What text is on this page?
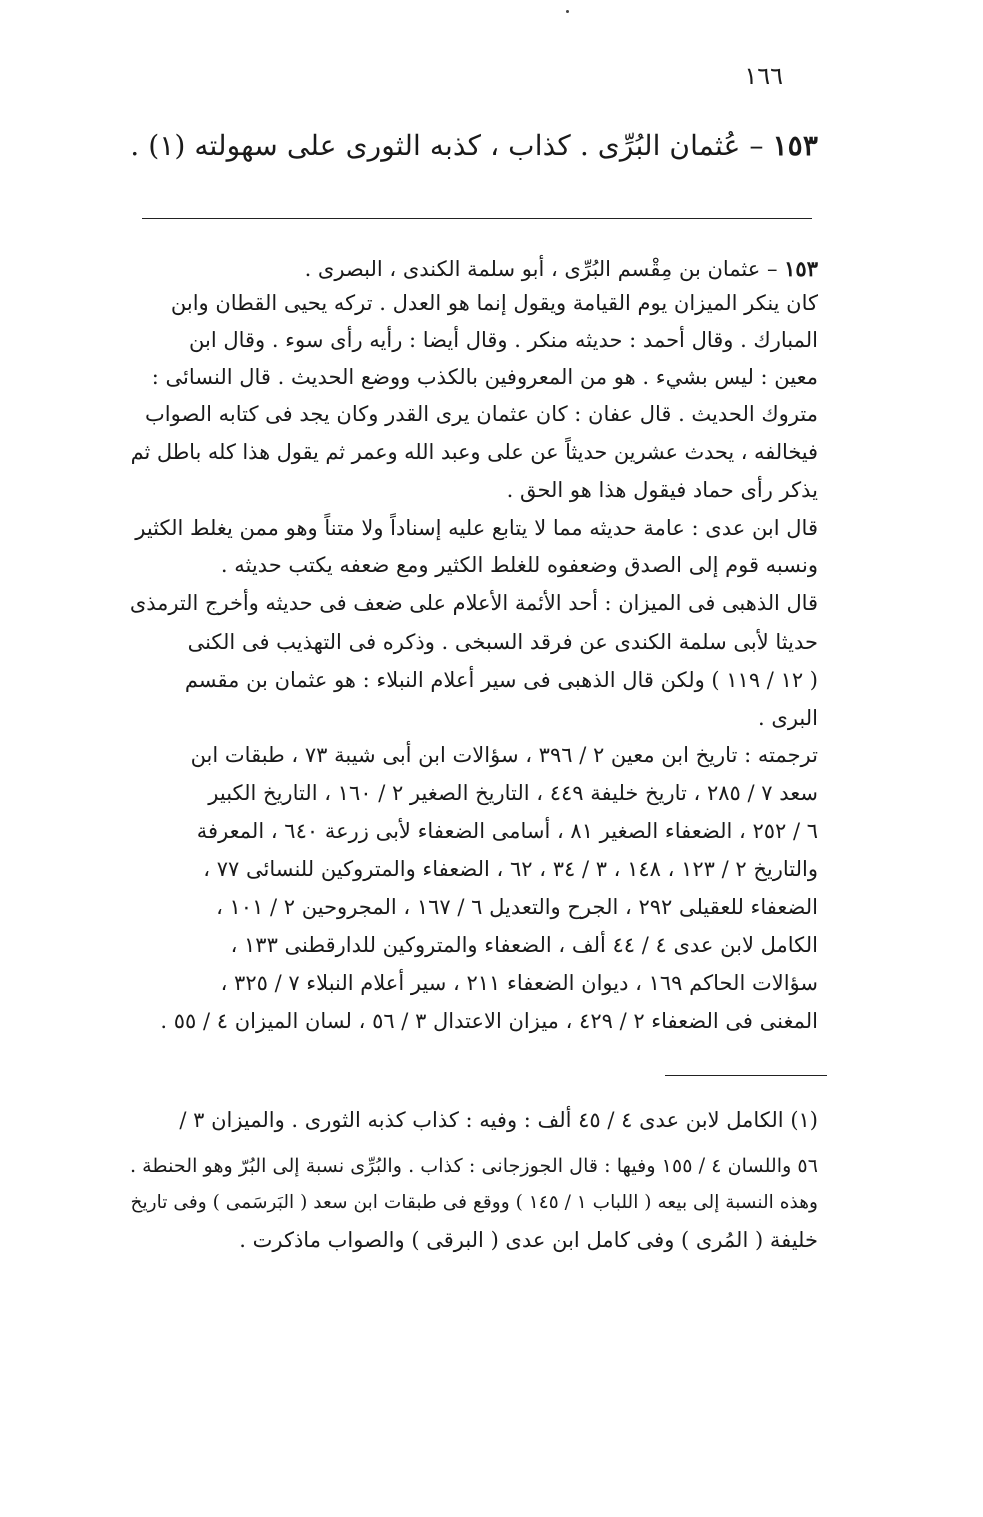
١٦٦
١٥٣ – عُثمان البُرِّى . كذاب ، كذبه الثورى على سهولته (١) .
١٥٣ – عثمان بن مِقْسم البُرِّى ، أبو سلمة الكندى ، البصرى .
كان ينكر الميزان يوم القيامة ويقول إنما هو العدل . تركه يحيى القطان وابن
المبارك . وقال أحمد : حديثه منكر . وقال أيضا : رأيه رأى سوء . وقال ابن
معين : ليس بشيء . هو من المعروفين بالكذب ووضع الحديث . قال النسائى :
متروك الحديث . قال عفان : كان عثمان يرى القدر وكان يجد فى كتابه الصواب
فيخالفه ، يحدث عشرين حديثاً عن على وعبد الله وعمر ثم يقول هذا كله باطل ثم
يذكر رأى حماد فيقول هذا هو الحق .
قال ابن عدى : عامة حديثه مما لا يتابع عليه إسناداً ولا متناً وهو ممن يغلط الكثير
ونسبه قوم إلى الصدق وضعفوه للغلط الكثير ومع ضعفه يكتب حديثه .
قال الذهبى فى الميزان : أحد الأئمة الأعلام على ضعف فى حديثه وأخرج الترمذى
حديثا لأبى سلمة الكندى عن فرقد السبخى . وذكره فى التهذيب فى الكنى
( ١٢ / ١١٩ ) ولكن قال الذهبى فى سير أعلام النبلاء : هو عثمان بن مقسم
البرى .
ترجمته : تاريخ ابن معين ٢ / ٣٩٦ ، سؤالات ابن أبى شيبة ٧٣ ، طبقات ابن
سعد ٧ / ٢٨٥ ، تاريخ خليفة ٤٤٩ ، التاريخ الصغير ٢ / ١٦٠ ، التاريخ الكبير
٦ / ٢٥٢ ، الضعفاء الصغير ٨١ ، أسامى الضعفاء لأبى زرعة ٦٤٠ ، المعرفة
والتاريخ ٢ / ١٢٣ ، ١٤٨ ، ٣ / ٣٤ ، ٦٢ ، الضعفاء والمتروكين للنسائى ٧٧ ،
الضعفاء للعقيلى ٢٩٢ ، الجرح والتعديل ٦ / ١٦٧ ، المجروحين ٢ / ١٠١ ،
الكامل لابن عدى ٤ / ٤٤ ألف ، الضعفاء والمتروكين للدارقطنى ١٣٣ ،
سؤالات الحاكم ١٦٩ ، ديوان الضعفاء ٢١١ ، سير أعلام النبلاء ٧ / ٣٢٥ ،
المغنى فى الضعفاء ٢ / ٤٢٩ ، ميزان الاعتدال ٣ / ٥٦ ، لسان الميزان ٤ / ٥٥ .
(١) الكامل لابن عدى ٤ / ٤٥ ألف : وفيه : كذاب كذبه الثورى . والميزان ٣ /
٥٦ واللسان ٤ / ١٥٥ وفيها : قال الجوزجانى : كذاب . والبُرِّى نسبة إلى البُرّ وهو الحنطة .
وهذه النسبة إلى بيعه ( اللباب ١ / ١٤٥ ) ووقع فى طبقات ابن سعد ( البَرسَمى ) وفى تاريخ
خليفة ( المُرى ) وفى كامل ابن عدى ( البرقى ) والصواب ماذكرت .
